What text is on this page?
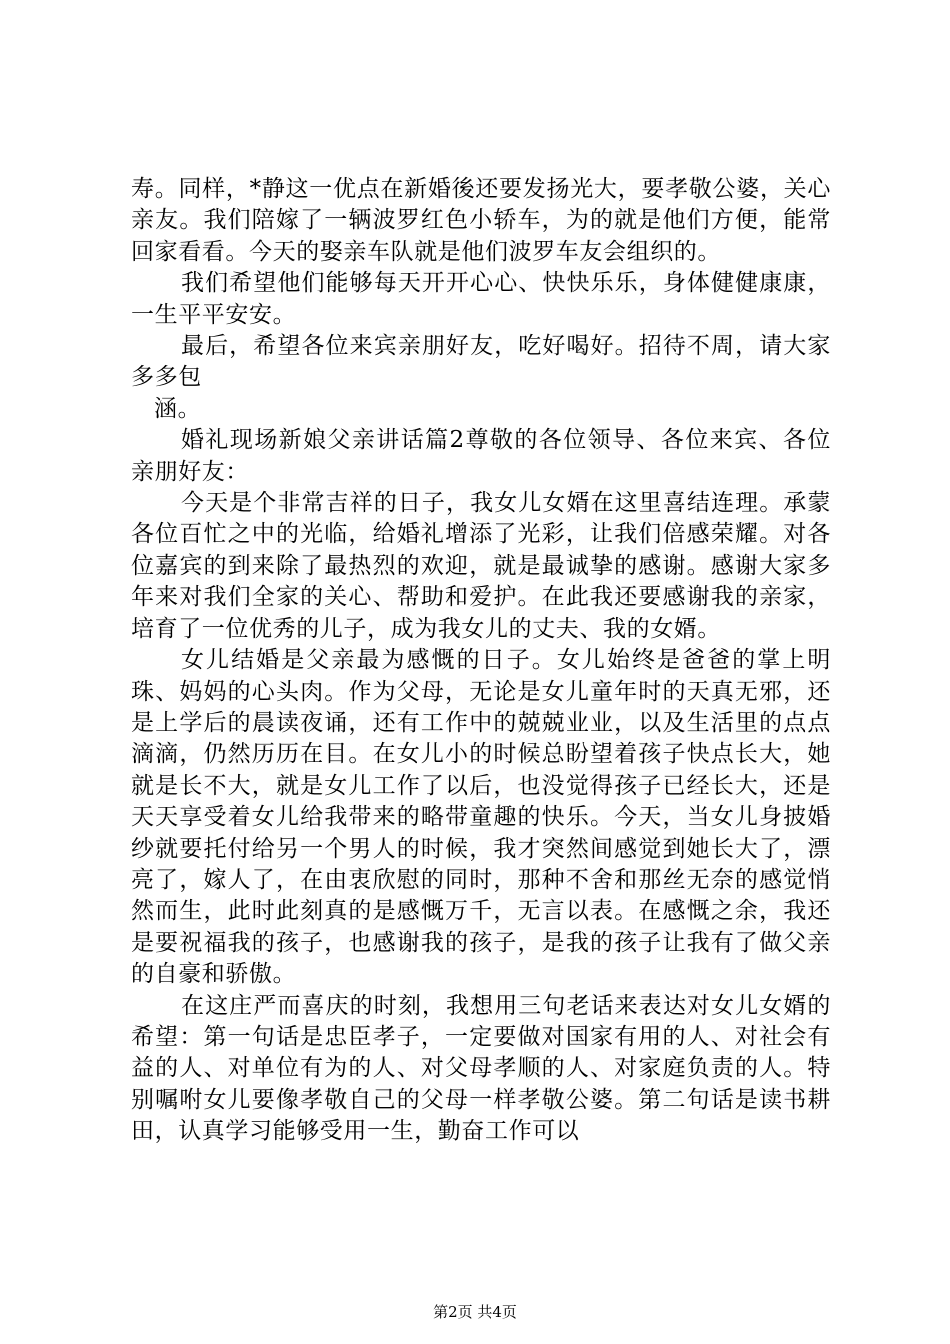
寿。同样，*静这一优点在新婚後还要发扬光大，要孝敬公婆，关心亲友。我们陪嫁了一辆波罗红色小轿车，为的就是他们方便，能常回家看看。今天的娶亲车队就是他们波罗车友会组织的。

我们希望他们能够每天开开心心、快快乐乐，身体健健康康，一生平平安安。

最后，希望各位来宾亲朋好友，吃好喝好。招待不周，请大家多多包

涵。

婚礼现场新娘父亲讲话篇2尊敬的各位领导、各位来宾、各位亲朋好友：

今天是个非常吉祥的日子，我女儿女婿在这里喜结连理。承蒙各位百忙之中的光临，给婚礼增添了光彩，让我们倍感荣耀。对各位嘉宾的到来除了最热烈的欢迎，就是最诚挚的感谢。感谢大家多年来对我们全家的关心、帮助和爱护。在此我还要感谢我的亲家，培育了一位优秀的儿子，成为我女儿的丈夫、我的女婿。

女儿结婚是父亲最为感慨的日子。女儿始终是爸爸的掌上明珠、妈妈的心头肉。作为父母，无论是女儿童年时的天真无邪，还是上学后的晨读夜诵，还有工作中的兢兢业业，以及生活里的点点滴滴，仍然历历在目。在女儿小的时候总盼望着孩子快点长大，她就是长不大，就是女儿工作了以后，也没觉得孩子已经长大，还是天天享受着女儿给我带来的略带童趣的快乐。今天，当女儿身披婚纱就要托付给另一个男人的时候，我才突然间感觉到她长大了，漂亮了，嫁人了，在由衷欣慰的同时，那种不舍和那丝无奈的感觉悄然而生，此时此刻真的是感慨万千，无言以表。在感慨之余，我还是要祝福我的孩子，也感谢我的孩子，是我的孩子让我有了做父亲的自豪和骄傲。

在这庄严而喜庆的时刻，我想用三句老话来表达对女儿女婿的希望：第一句话是忠臣孝子，一定要做对国家有用的人、对社会有益的人、对单位有为的人、对父母孝顺的人、对家庭负责的人。特别嘱咐女儿要像孝敬自己的父母一样孝敬公婆。第二句话是读书耕田，认真学习能够受用一生，勤奋工作可以

第2页 共4页
